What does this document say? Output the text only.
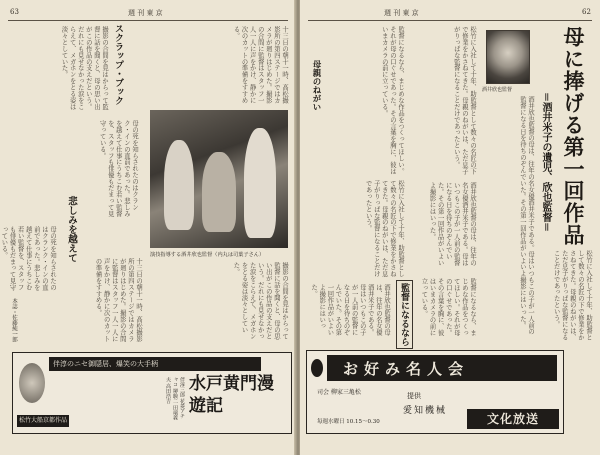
63	週 刊 東 京
十三日の朝十一時、高松撮影所の第四ステージではカメラが廻りはじめた。撮影の合間に監督はスタッフ一人一人に声をかけ、静かに次のカットの準備をすすめる。
スクラップ・ブック
撮影の合間を見はからって監督に話を聞くと、母の思い出がこの作品の支えだという。だれにも見せなかった涙をこらえて、メガホンをとる姿は淡々としていた。
母の死を知らされたのはクランク・インの直前であった。悲しみを越えて仕事にうちこむ若い監督を、スタッフも俳優もだまって見守っている。
演技指導する酒井欣也監督（内丸は司葉子さん）
悲しみを越えて
撮影の合間を見はからって監督に話を聞くと、母の思い出がこの作品の支えだという。だれにも見せなかった涙をこらえて、メガホンをとる姿は淡々としていた。
十三日の朝十一時、高松撮影所の第四ステージではカメラが廻りはじめた。撮影の合間に監督はスタッフ一人一人に声をかけ、静かに次のカットの準備をすすめる。
母の死を知らされたのはクランク・インの直前であった。悲しみを越えて仕事にうちこむ若い監督を、スタッフも俳優もだまって見守っている。
本誌・佐藤純一郎
伴淳のニセ御隠居、爆笑の大手柄
伴淳三郎 花菱アチャコ 堺駿二 田端義夫 高田浩吉	水戸黄門漫遊記
松竹大船京都作品
週 刊 東 京	62
酒井欣也監督 母に捧げる第一回作品
＝酒井米子の遺児、欣也監督＝
酒井欣也監督の母は、往年の名女優酒井米子である。母はいつもこの子が一人前の監督になる日を待ちのぞんでいた。その第一回作品がいよいよ撮影にはいった。
松竹に入社して十年、助監督として数々の名匠の下で修業をかさねてきた。母親のねがいは、ただ息子がりっぱな監督になることだけであったという。
監督になるなら、まじめな作品をつくってほしい。それが母の口ぐせであった。その言葉を胸に、彼はいまカメラの前に立っている。
母親のねがい
酒井欣也監督の母は、往年の名女優酒井米子である。母はいつもこの子が一人前の監督になる日を待ちのぞんでいた。その第一回作品がいよいよ撮影にはいった。
松竹に入社して十年、助監督として数々の名匠の下で修業をかさねてきた。母親のねがいは、ただ息子がりっぱな監督になることだけであったという。
監督になるなら	監督になるなら、まじめな作品をつくってほしい。それが母の口ぐせであった。その言葉を胸に、彼はいまカメラの前に立っている。
酒井欣也監督の母は、往年の名女優酒井米子である。母はいつもこの子が一人前の監督になる日を待ちのぞんでいた。その第一回作品がいよいよ撮影にはいった。	松竹に入社して十年、助監督として数々の名匠の下で修業をかさねてきた。母親のねがいは、ただ息子がりっぱな監督になることだけであったという。
お好み名人会
司会 柳家三亀松	提供
愛知機械
毎週水曜日 10.15〜0.30	文化放送
